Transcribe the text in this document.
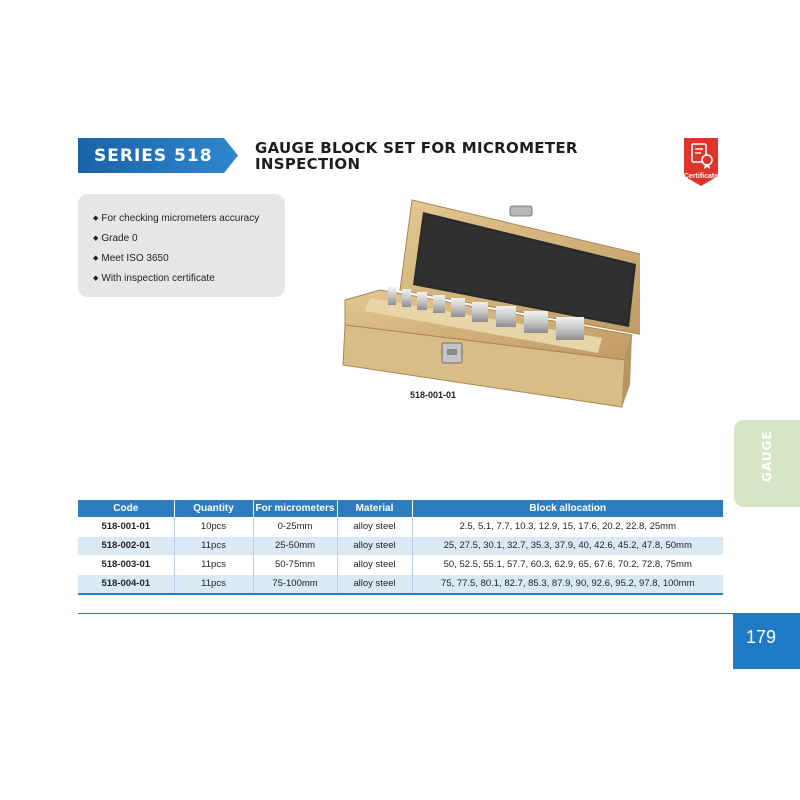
SERIES 518	GAUGE BLOCK SET FOR MICROMETER INSPECTION
Certificate
◆ For checking micrometers accuracy
◆ Grade 0
◆ Meet ISO 3650
◆ With inspection certificate
518-001-01
GAUGE
Code	Quantity	For micrometers	Material	Block allocation
518-001-01	10pcs	0-25mm	alloy steel	2.5, 5.1, 7.7, 10.3, 12.9, 15, 17.6, 20.2, 22.8, 25mm
518-002-01	11pcs	25-50mm	alloy steel	25, 27.5, 30.1, 32.7, 35.3, 37.9, 40, 42.6, 45.2, 47.8, 50mm
518-003-01	11pcs	50-75mm	alloy steel	50, 52.5, 55.1, 57.7, 60.3, 62.9, 65, 67.6, 70.2, 72.8, 75mm
518-004-01	11pcs	75-100mm	alloy steel	75, 77.5, 80.1, 82.7, 85.3, 87.9, 90, 92.6, 95.2, 97.8, 100mm
179
